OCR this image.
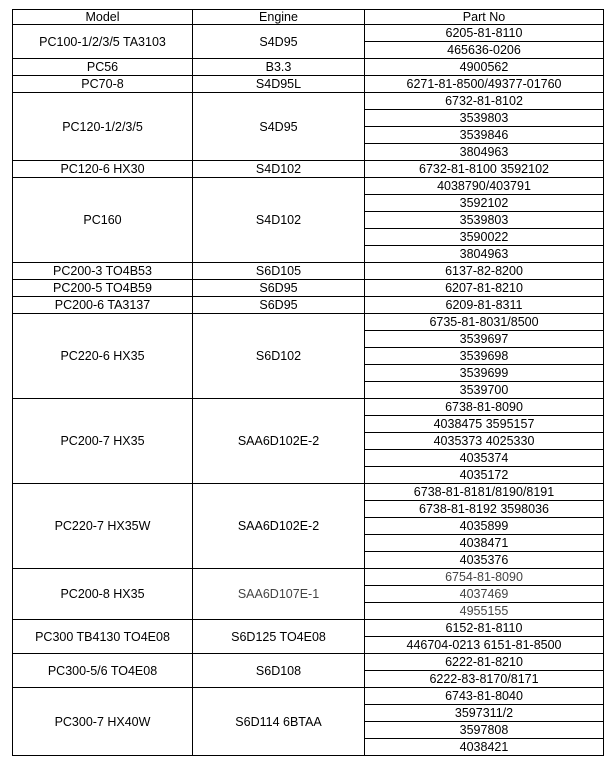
Model	Engine	Part No
PC100-1/2/3/5 TA3103	S4D95	6205-81-8110
		465636-0206
PC56	B3.3	4900562
PC70-8	S4D95L	6271-81-8500/49377-01760
PC120-1/2/3/5	S4D95	6732-81-8102
		3539803
		3539846
		3804963
PC120-6 HX30	S4D102	6732-81-8100 3592102
PC160	S4D102	4038790/403791
		3592102
		3539803
		3590022
		3804963
PC200-3 TO4B53	S6D105	6137-82-8200
PC200-5 TO4B59	S6D95	6207-81-8210
PC200-6 TA3137	S6D95	6209-81-8311
PC220-6 HX35	S6D102	6735-81-8031/8500
		3539697
		3539698
		3539699
		3539700
PC200-7 HX35	SAA6D102E-2	6738-81-8090
		4038475 3595157
		4035373 4025330
		4035374
		4035172
PC220-7 HX35W	SAA6D102E-2	6738-81-8181/8190/8191
		6738-81-8192 3598036
		4035899
		4038471
		4035376
PC200-8 HX35	SAA6D107E-1	6754-81-8090
		4037469
		4955155
PC300 TB4130 TO4E08	S6D125 TO4E08	6152-81-8110
		446704-0213 6151-81-8500
PC300-5/6 TO4E08	S6D108	6222-81-8210
		6222-83-8170/8171
PC300-7 HX40W	S6D114 6BTAA	6743-81-8040
		3597311/2
		3597808
		4038421
